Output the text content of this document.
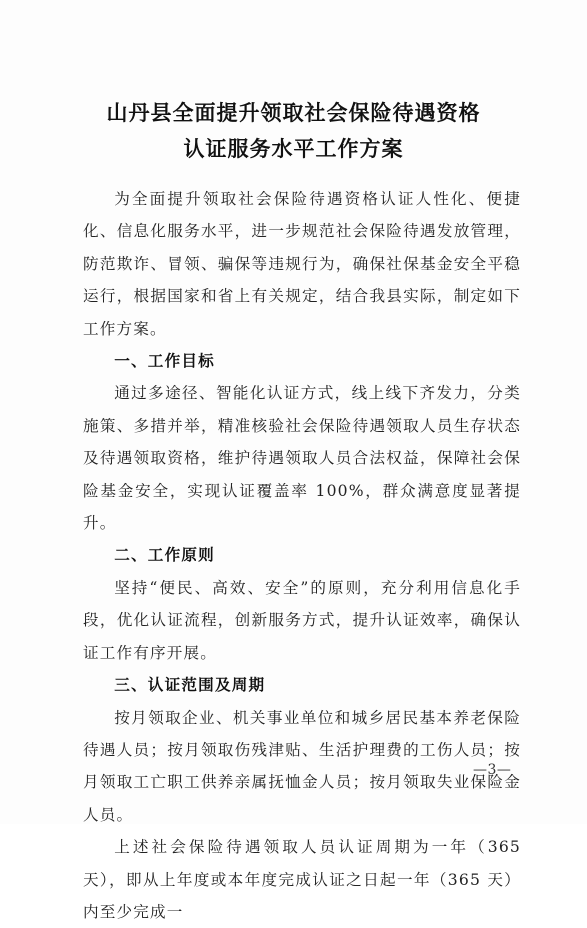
山丹县全面提升领取社会保险待遇资格
认证服务水平工作方案

为全面提升领取社会保险待遇资格认证人性化、便捷化、信息化服务水平，进一步规范社会保险待遇发放管理，防范欺诈、冒领、骗保等违规行为，确保社保基金安全平稳运行，根据国家和省上有关规定，结合我县实际，制定如下工作方案。

一、工作目标

通过多途径、智能化认证方式，线上线下齐发力，分类施策、多措并举，精准核验社会保险待遇领取人员生存状态及待遇领取资格，维护待遇领取人员合法权益，保障社会保险基金安全，实现认证覆盖率 100%，群众满意度显著提升。

二、工作原则

坚持“便民、高效、安全”的原则，充分利用信息化手段，优化认证流程，创新服务方式，提升认证效率，确保认证工作有序开展。

三、认证范围及周期

按月领取企业、机关事业单位和城乡居民基本养老保险待遇人员；按月领取伤残津贴、生活护理费的工伤人员；按月领取工亡职工供养亲属抚恤金人员；按月领取失业保险金人员。

上述社会保险待遇领取人员认证周期为一年（365 天），即从上年度或本年度完成认证之日起一年（365 天）内至少完成一

—3—
